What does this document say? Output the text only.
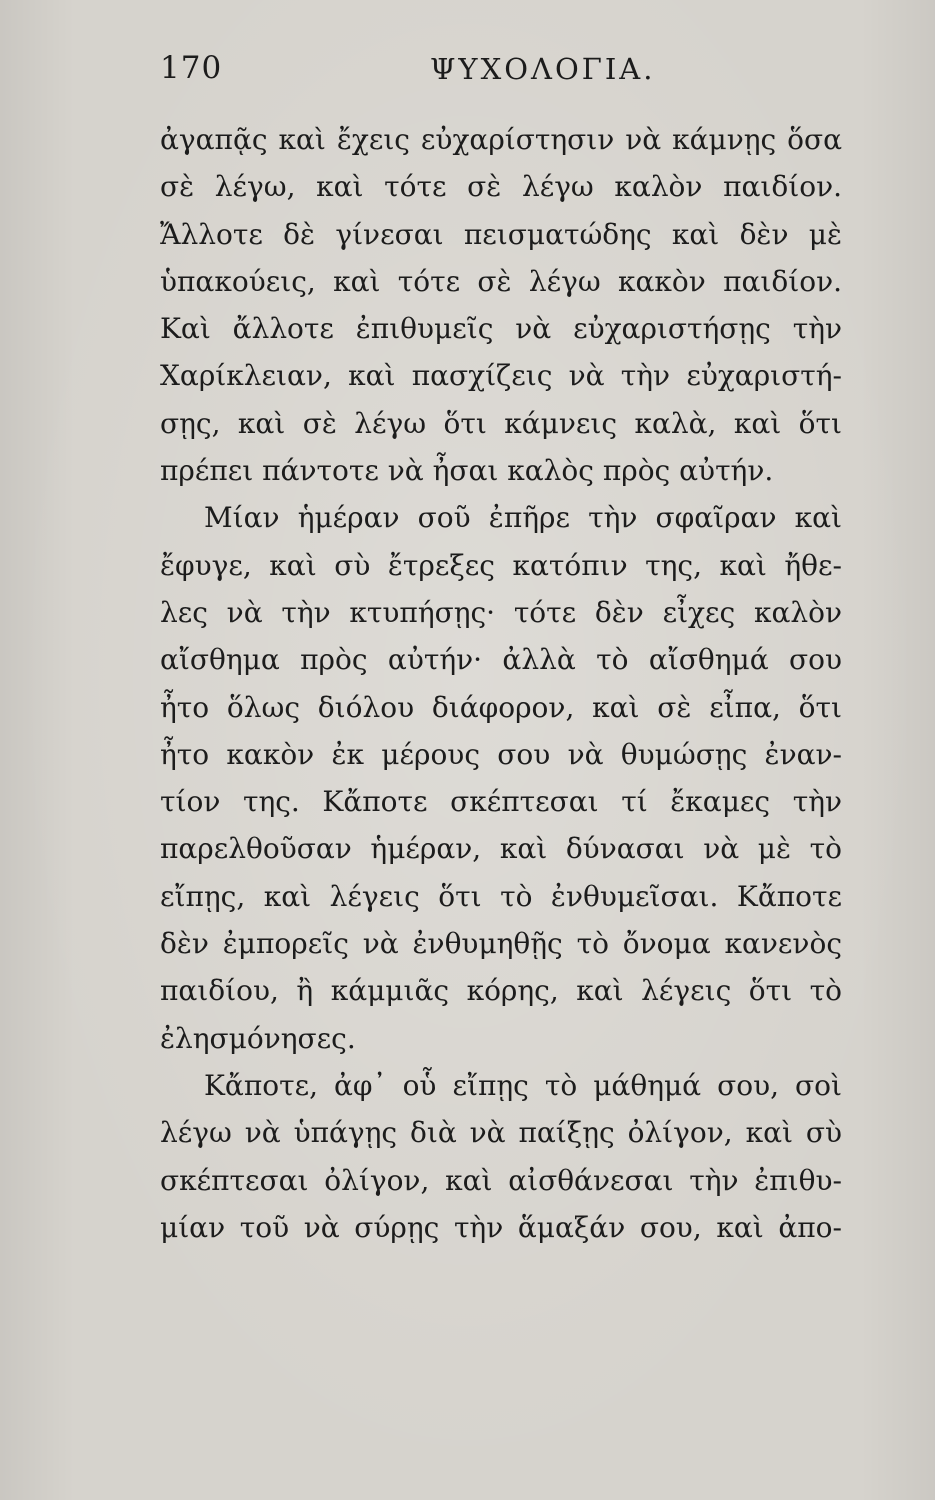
170	ΨΥΧΟΛΟΓΙΑ.
ἀγαπᾷς καὶ ἔχεις εὐχαρίστησιν νὰ κάμνῃς ὅσα
σὲ λέγω, καὶ τότε σὲ λέγω καλὸν παιδίον.
Ἄλλοτε δὲ γίνεσαι πεισματώδης καὶ δὲν μὲ
ὑπακούεις, καὶ τότε σὲ λέγω κακὸν παιδίον.
Καὶ ἄλλοτε ἐπιθυμεῖς νὰ εὐχαριστήσῃς τὴν
Χαρίκλειαν, καὶ πασχίζεις νὰ τὴν εὐχαριστή-
σῃς, καὶ σὲ λέγω ὅτι κάμνεις καλὰ, καὶ ὅτι
πρέπει πάντοτε νὰ ἦσαι καλὸς πρὸς αὐτήν.
Μίαν ἡμέραν σοῦ ἐπῆρε τὴν σφαῖραν καὶ
ἔφυγε, καὶ σὺ ἔτρεξες κατόπιν της, καὶ ἤθε-
λες νὰ τὴν κτυπήσῃς· τότε δὲν εἶχες καλὸν
αἴσθημα πρὸς αὐτήν· ἀλλὰ τὸ αἴσθημά σου
ἦτο ὅλως διόλου διάφορον, καὶ σὲ εἶπα, ὅτι
ἦτο κακὸν ἐκ μέρους σου νὰ θυμώσῃς ἐναν-
τίον της. Κἄποτε σκέπτεσαι τί ἔκαμες τὴν
παρελθοῦσαν ἡμέραν, καὶ δύνασαι νὰ μὲ τὸ
εἴπῃς, καὶ λέγεις ὅτι τὸ ἐνθυμεῖσαι. Κἄποτε
δὲν ἐμπορεῖς νὰ ἐνθυμηθῇς τὸ ὄνομα κανενὸς
παιδίου, ἢ κάμμιᾶς κόρης, καὶ λέγεις ὅτι τὸ
ἐλησμόνησες.
Κἄποτε, ἀφ᾽ οὗ εἴπῃς τὸ μάθημά σου, σοὶ
λέγω νὰ ὑπάγῃς διὰ νὰ παίξῃς ὀλίγον, καὶ σὺ
σκέπτεσαι ὀλίγον, καὶ αἰσθάνεσαι τὴν ἐπιθυ-
μίαν τοῦ νὰ σύρῃς τὴν ἅμαξάν σου, καὶ ἀπο-
